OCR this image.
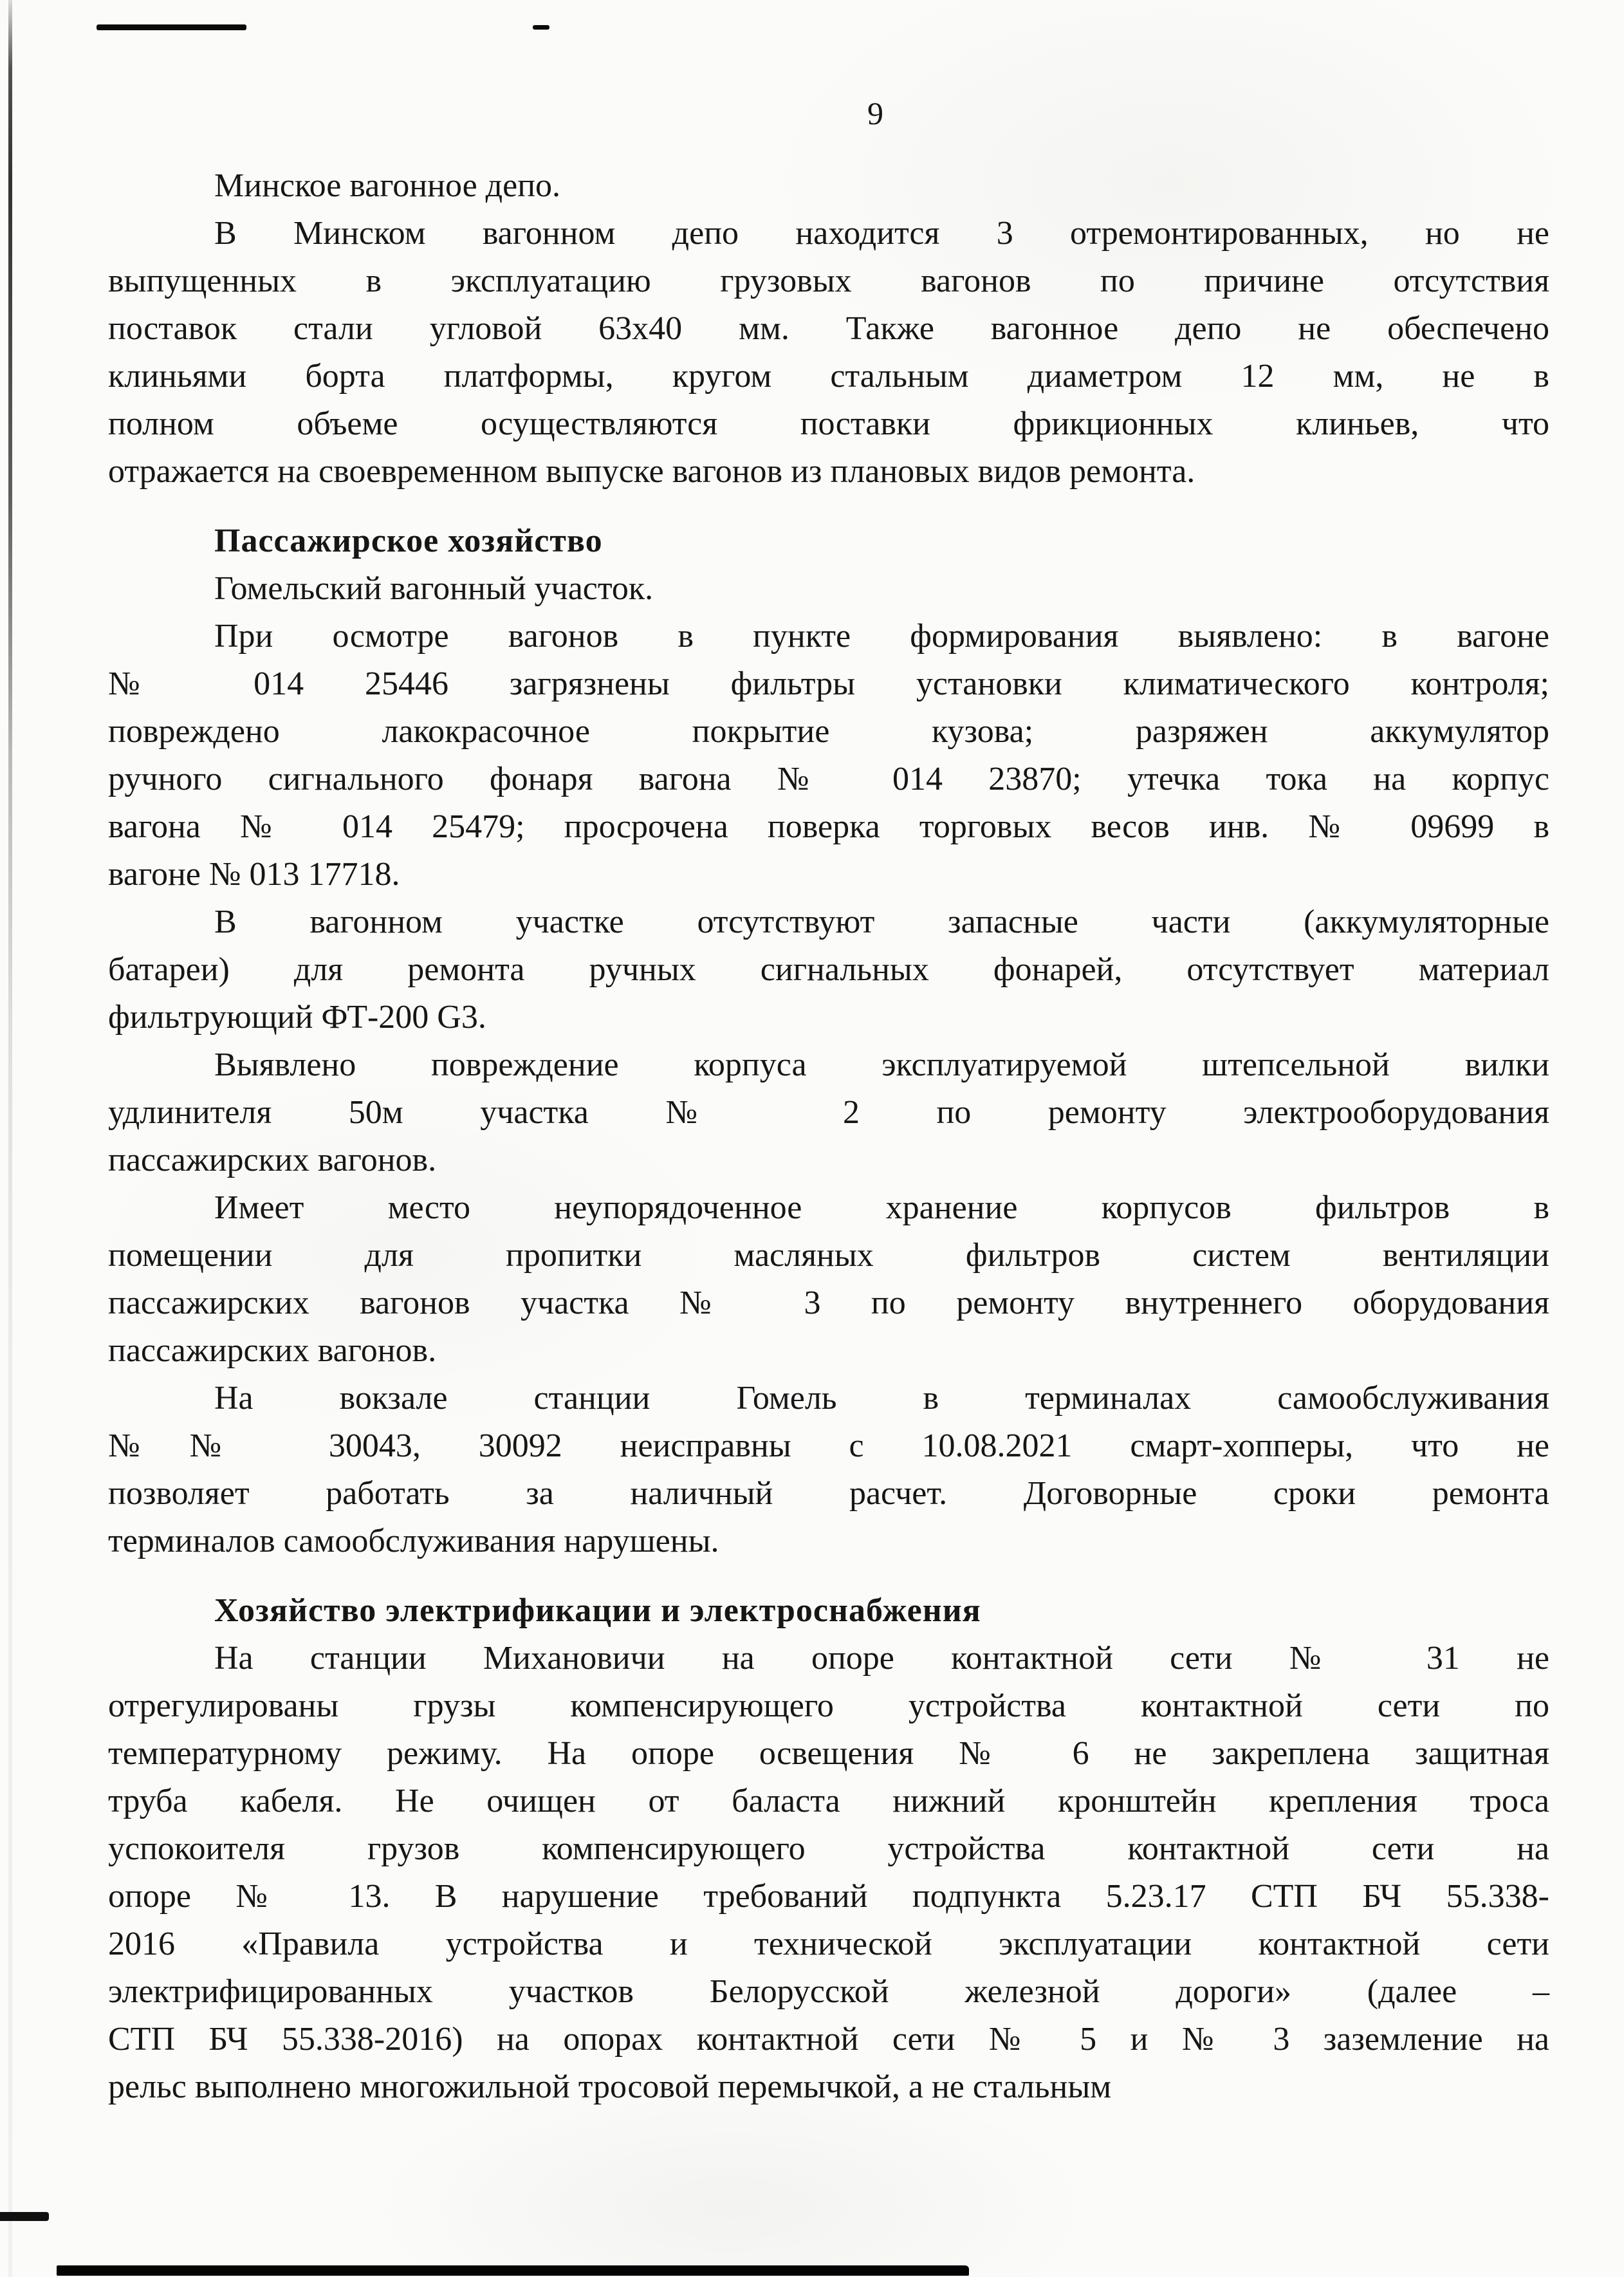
9
Минское вагонное депо.
В Минском вагонном депо находится 3 отремонтированных, но не
выпущенных в эксплуатацию грузовых вагонов по причине отсутствия
поставок стали угловой 63х40 мм. Также вагонное депо не обеспечено
клиньями борта платформы, кругом стальным диаметром 12 мм, не в
полном объеме осуществляются поставки фрикционных клиньев, что
отражается на своевременном выпуске вагонов из плановых видов ремонта.
Пассажирское хозяйство
Гомельский вагонный участок.
При осмотре вагонов в пункте формирования выявлено: в вагоне
№ 014 25446 загрязнены фильтры установки климатического контроля;
повреждено лакокрасочное покрытие кузова; разряжен аккумулятор
ручного сигнального фонаря вагона № 014 23870; утечка тока на корпус
вагона № 014 25479; просрочена поверка торговых весов инв. № 09699 в
вагоне № 013 17718.
В вагонном участке отсутствуют запасные части (аккумуляторные
батареи) для ремонта ручных сигнальных фонарей, отсутствует материал
фильтрующий ФТ-200 G3.
Выявлено повреждение корпуса эксплуатируемой штепсельной вилки
удлинителя 50м участка № 2 по ремонту электрооборудования
пассажирских вагонов.
Имеет место неупорядоченное хранение корпусов фильтров в
помещении для пропитки масляных фильтров систем вентиляции
пассажирских вагонов участка № 3 по ремонту внутреннего оборудования
пассажирских вагонов.
На вокзале станции Гомель в терминалах самообслуживания
№№ 30043, 30092 неисправны с 10.08.2021 смарт-хопперы, что не
позволяет работать за наличный расчет. Договорные сроки ремонта
терминалов самообслуживания нарушены.
Хозяйство электрификации и электроснабжения
На станции Михановичи на опоре контактной сети № 31 не
отрегулированы грузы компенсирующего устройства контактной сети по
температурному режиму. На опоре освещения № 6 не закреплена защитная
труба кабеля. Не очищен от баласта нижний кронштейн крепления троса
успокоителя грузов компенсирующего устройства контактной сети на
опоре № 13. В нарушение требований подпункта 5.23.17 СТП БЧ 55.338-
2016 «Правила устройства и технической эксплуатации контактной сети
электрифицированных участков Белорусской железной дороги» (далее –
СТП БЧ 55.338-2016) на опорах контактной сети № 5 и № 3 заземление на
рельс выполнено многожильной тросовой перемычкой, а не стальным
